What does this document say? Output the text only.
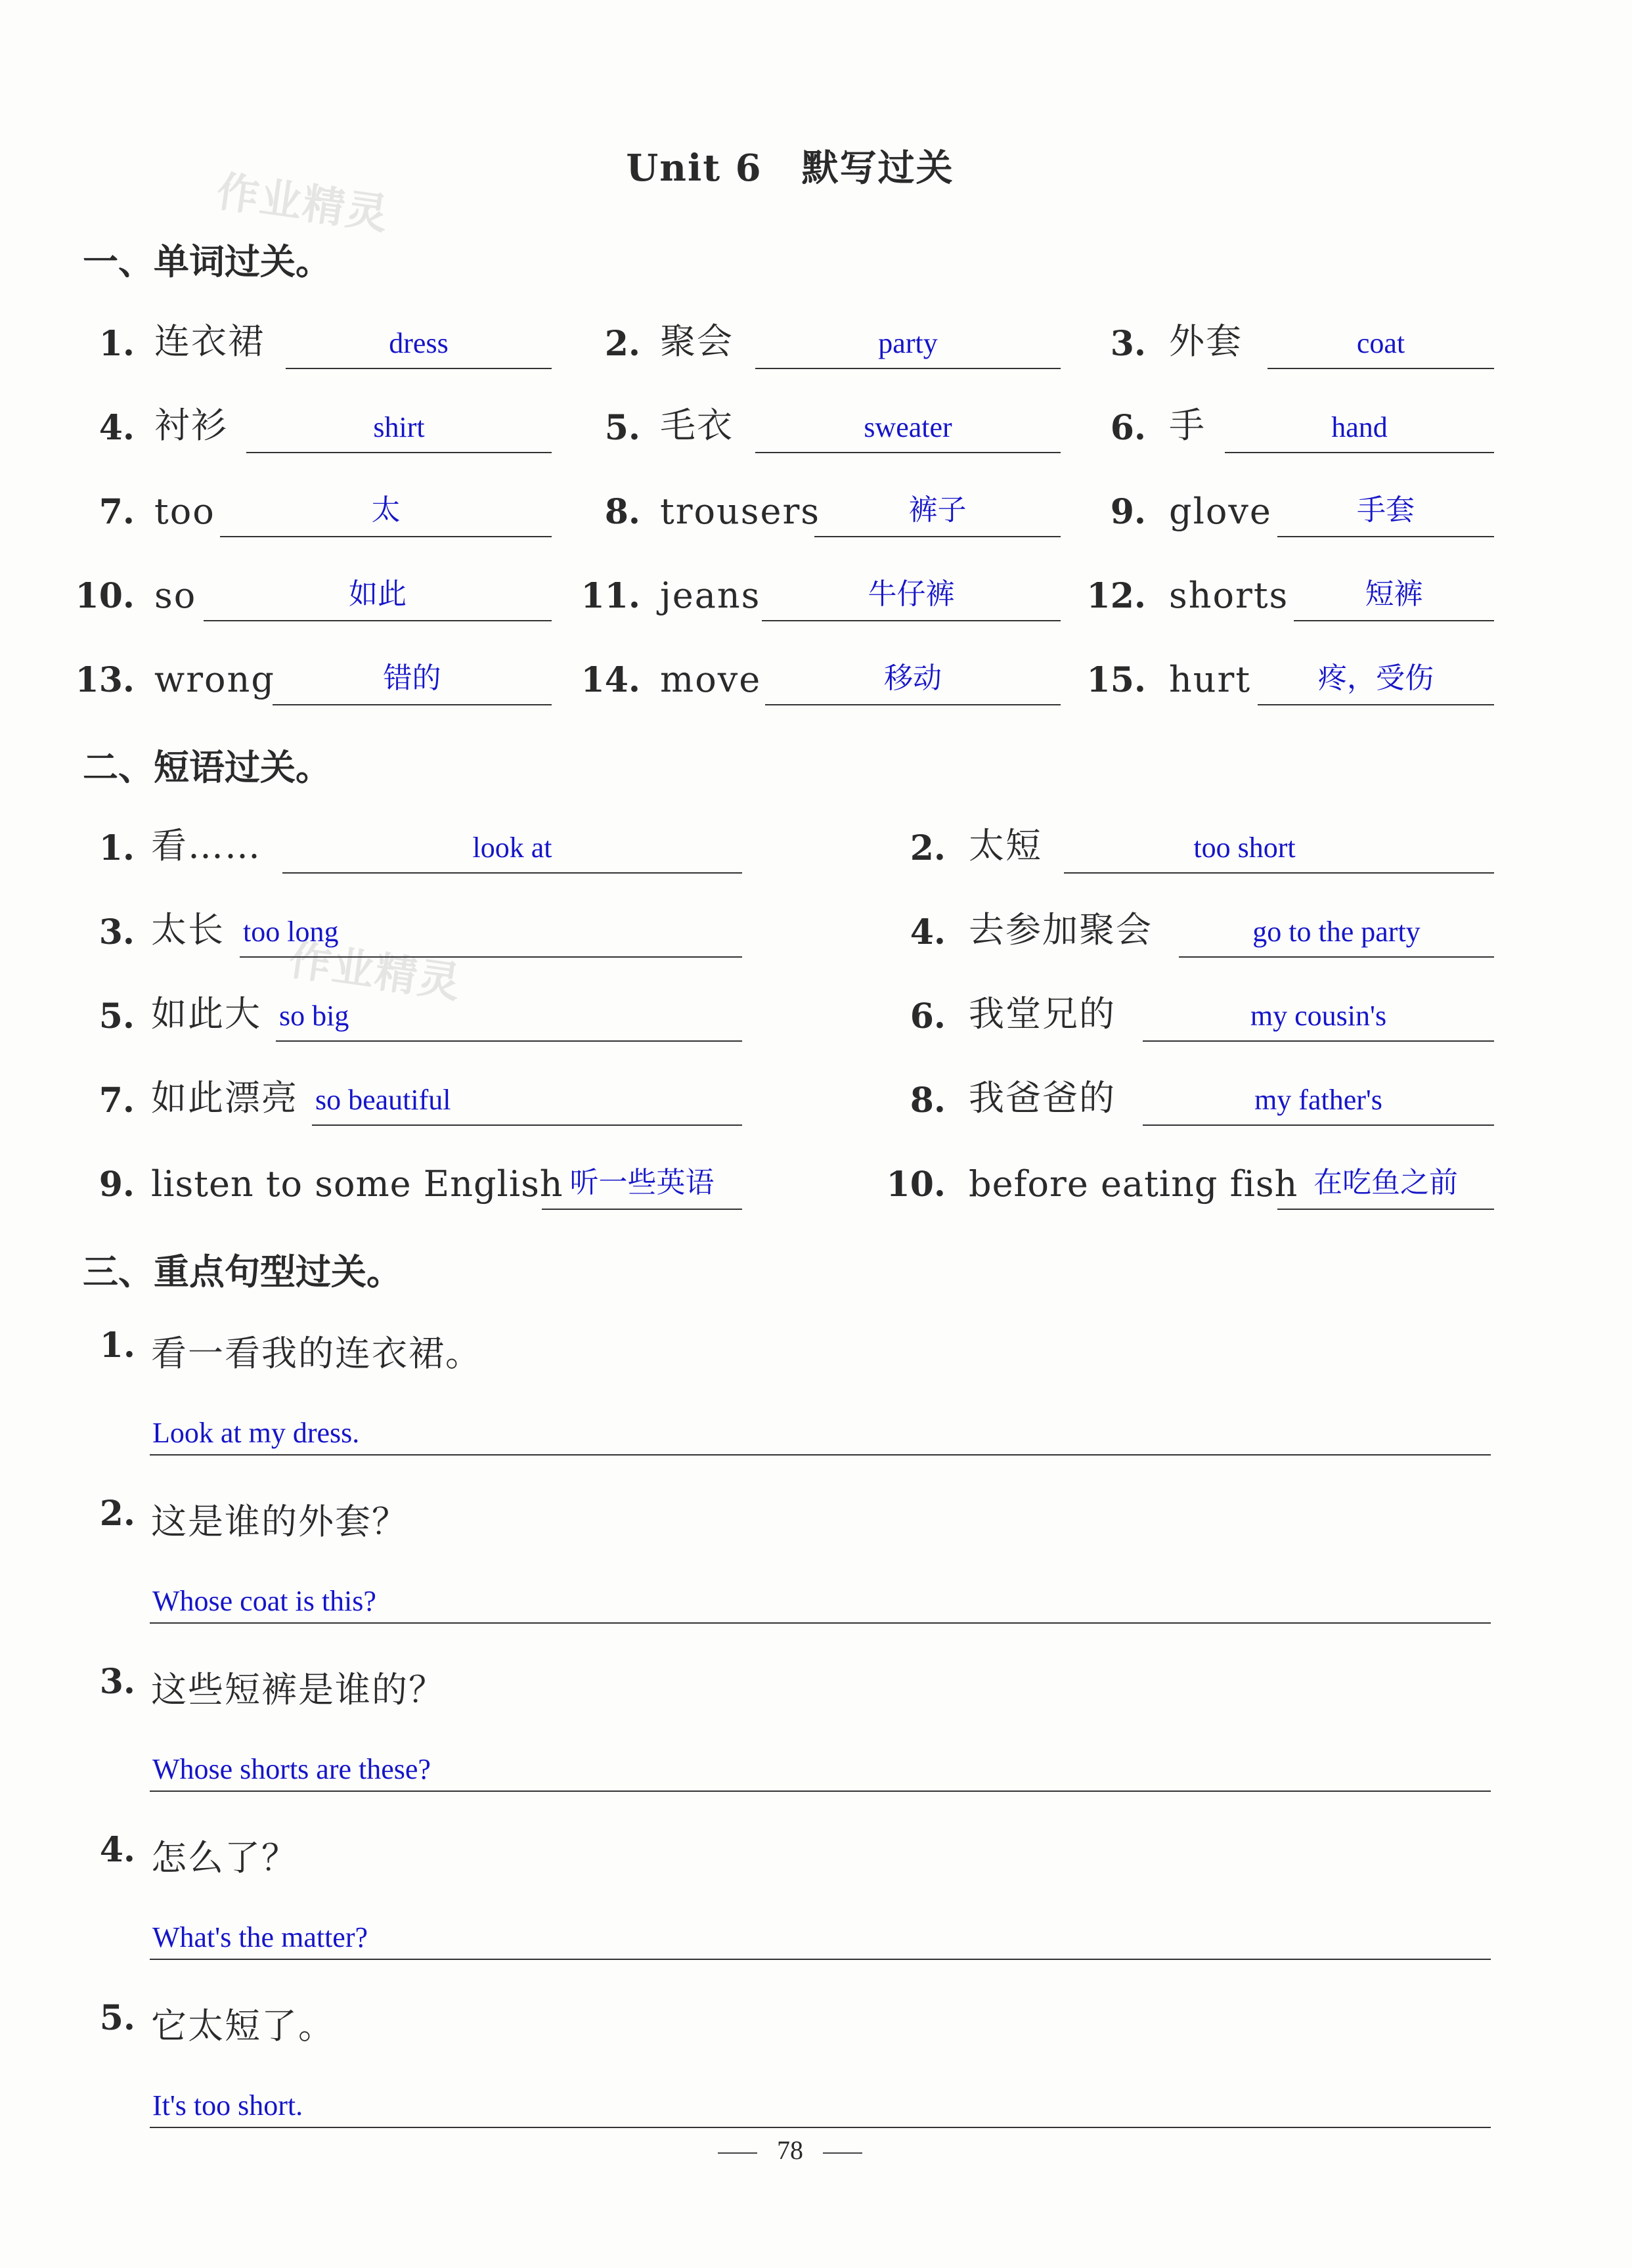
Unit 6 默写过关
作业精灵
作业精灵
一、单词过关。
1. 连衣裙	dress	2. 聚会	party	3. 外套	coat
4. 衬衫	shirt	5. 毛衣	sweater	6. 手	hand
7. too	太	8. trousers	裤子	9. glove	手套
10. so	如此	11. jeans	牛仔裤	12. shorts	短裤
13. wrong	错的	14. move	移动	15. hurt	疼，受伤
二、短语过关。
1. 看……	look at	2. 太短	too short
3. 太长 too long	4. 去参加聚会	go to the party
5. 如此大 so big	6. 我堂兄的	my cousin's
7. 如此漂亮 so beautiful	8. 我爸爸的	my father's
9. listen to some English 听一些英语	10. before eating fish 在吃鱼之前
三、重点句型过关。
1. 看一看我的连衣裙。
Look at my dress.
2. 这是谁的外套？
Whose coat is this?
3. 这些短裤是谁的？
Whose shorts are these?
4. 怎么了？
What's the matter?
5. 它太短了。
It's too short.
78
